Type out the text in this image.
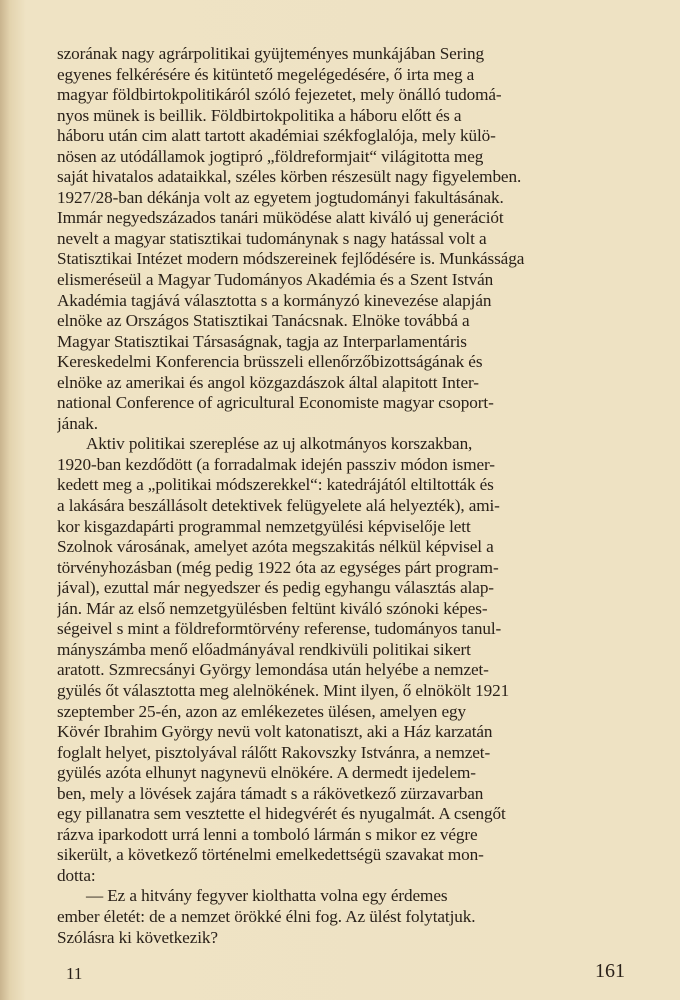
szorának nagy agrárpolitikai gyüjteményes munkájában Sering
egyenes felkérésére és kitüntető megelégedésére, ő irta meg a
magyar földbirtokpolitikáról szóló fejezetet, mely önálló tudomá-
nyos münek is beillik. Földbirtokpolitika a háboru előtt és a
háboru után cim alatt tartott akadémiai székfoglalója, mely külö-
nösen az utódállamok jogtipró „földreformjait“ világitotta meg
saját hivatalos adataikkal, széles körben részesült nagy figyelemben.
1927/28-ban dékánja volt az egyetem jogtudományi fakultásának.
Immár negyedszázados tanári müködése alatt kiváló uj generációt
nevelt a magyar statisztikai tudománynak s nagy hatással volt a
Statisztikai Intézet modern módszereinek fejlődésére is. Munkássága
elismeréseül a Magyar Tudományos Akadémia és a Szent István
Akadémia tagjává választotta s a kormányzó kinevezése alapján
elnöke az Országos Statisztikai Tanácsnak. Elnöke továbbá a
Magyar Statisztikai Társaságnak, tagja az Interparlamentáris
Kereskedelmi Konferencia brüsszeli ellenőrzőbizottságának és
elnöke az amerikai és angol közgazdászok által alapitott Inter-
national Conference of agricultural Economiste magyar csoport-
jának.
Aktiv politikai szereplése az uj alkotmányos korszakban,
1920-ban kezdődött (a forradalmak idején passziv módon ismer-
kedett meg a „politikai módszerekkel“: katedrájától eltiltották és
a lakására beszállásolt detektivek felügyelete alá helyezték), ami-
kor kisgazdapárti programmal nemzetgyülési képviselője lett
Szolnok városának, amelyet azóta megszakitás nélkül képvisel a
törvényhozásban (még pedig 1922 óta az egységes párt program-
jával), ezuttal már negyedszer és pedig egyhangu választás alap-
ján. Már az első nemzetgyülésben feltünt kiváló szónoki képes-
ségeivel s mint a földreformtörvény referense, tudományos tanul-
mányszámba menő előadmányával rendkivüli politikai sikert
aratott. Szmrecsányi György lemondása után helyébe a nemzet-
gyülés őt választotta meg alelnökének. Mint ilyen, ő elnökölt 1921
szeptember 25-én, azon az emlékezetes ülésen, amelyen egy
Kövér Ibrahim György nevü volt katonatiszt, aki a Ház karzatán
foglalt helyet, pisztolyával rálőtt Rakovszky Istvánra, a nemzet-
gyülés azóta elhunyt nagynevü elnökére. A dermedt ijedelem-
ben, mely a lövések zajára támadt s a rákövetkező zürzavarban
egy pillanatra sem vesztette el hidegvérét és nyugalmát. A csengőt
rázva iparkodott urrá lenni a tomboló lármán s mikor ez végre
sikerült, a következő történelmi emelkedettségü szavakat mon-
dotta:
— Ez a hitvány fegyver kiolthatta volna egy érdemes
ember életét: de a nemzet örökké élni fog. Az ülést folytatjuk.
Szólásra ki következik?
11	161
